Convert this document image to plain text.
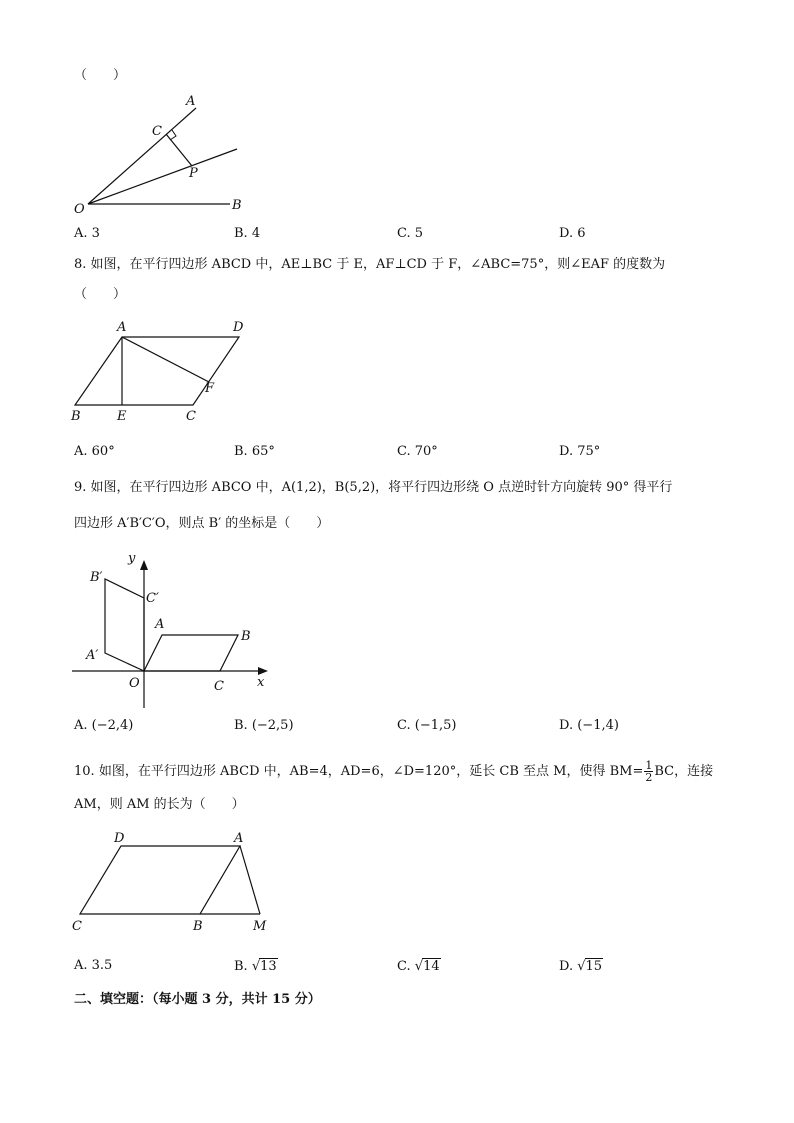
（　　）
A
C
P
O	B
A. 3	B. 4	C. 5	D. 6
8. 如图，在平行四边形 ABCD 中，AE⊥BC 于 E，AF⊥CD 于 F，∠ABC=75°，则∠EAF 的度数为
（　　）
A	D
F
B	E	C
A. 60°	B. 65°	C. 70°	D. 75°
9. 如图，在平行四边形 ABCO 中，A(1,2)，B(5,2)，将平行四边形绕 O 点逆时针方向旋转 90° 得平行
四边形 A′B′C′O，则点 B′ 的坐标是（　　）
y
B′
C′
A
B
A′
O	C	x
A. (−2,4)	B. (−2,5)	C. (−1,5)	D. (−1,4)
10. 如图，在平行四边形 ABCD 中，AB=4，AD=6，∠D=120°，延长 CB 至点 M，使得 $BM= \frac{1}{2}$ BC，连接
AM，则 AM 的长为（　　）
D	A
C	B	M
A. 3.5	B. √13	C. √14	D. √15
二、填空题：（每小题 3 分，共计 15 分）
